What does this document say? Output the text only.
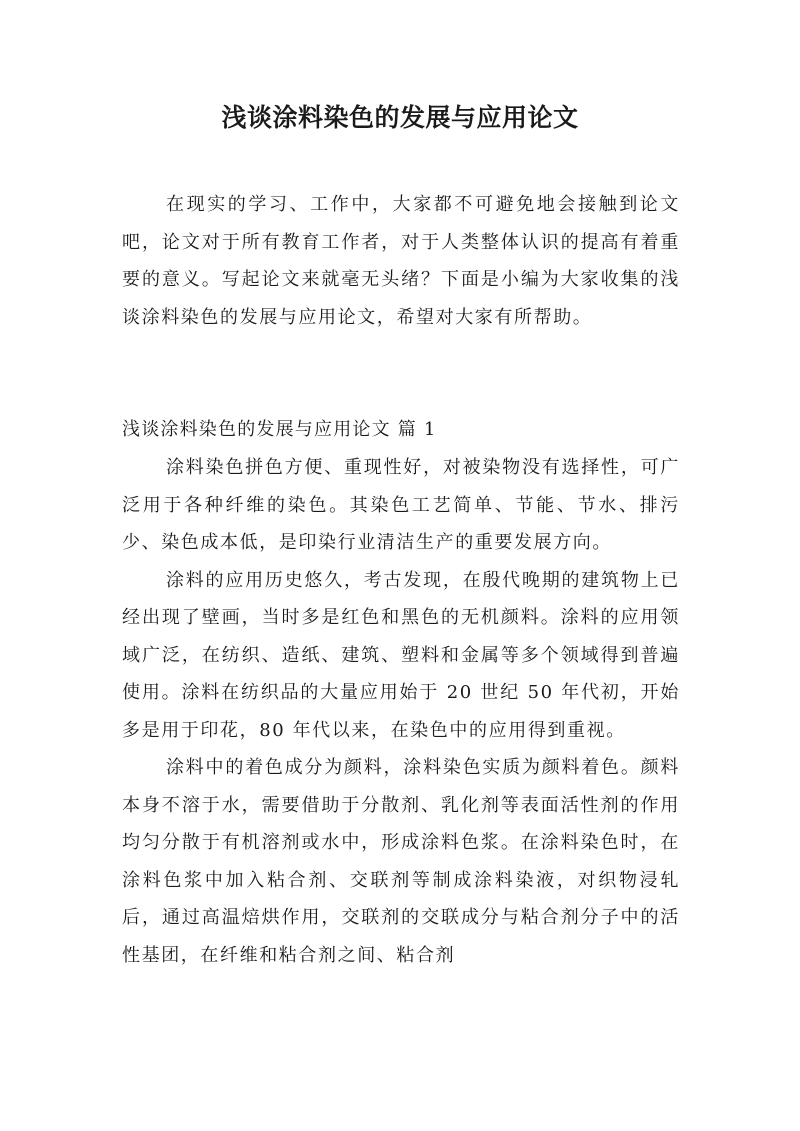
浅谈涂料染色的发展与应用论文

在现实的学习、工作中，大家都不可避免地会接触到论文吧，论文对于所有教育工作者，对于人类整体认识的提高有着重要的意义。写起论文来就毫无头绪？下面是小编为大家收集的浅谈涂料染色的发展与应用论文，希望对大家有所帮助。

浅谈涂料染色的发展与应用论文 篇 1

涂料染色拼色方便、重现性好，对被染物没有选择性，可广泛用于各种纤维的染色。其染色工艺简单、节能、节水、排污少、染色成本低，是印染行业清洁生产的重要发展方向。

涂料的应用历史悠久，考古发现，在殷代晚期的建筑物上已经出现了壁画，当时多是红色和黑色的无机颜料。涂料的应用领域广泛，在纺织、造纸、建筑、塑料和金属等多个领域得到普遍使用。涂料在纺织品的大量应用始于 20 世纪 50 年代初，开始多是用于印花，80 年代以来，在染色中的应用得到重视。

涂料中的着色成分为颜料，涂料染色实质为颜料着色。颜料本身不溶于水，需要借助于分散剂、乳化剂等表面活性剂的作用均匀分散于有机溶剂或水中，形成涂料色浆。在涂料染色时，在涂料色浆中加入粘合剂、交联剂等制成涂料染液，对织物浸轧后，通过高温焙烘作用，交联剂的交联成分与粘合剂分子中的活性基团，在纤维和粘合剂之间、粘合剂
